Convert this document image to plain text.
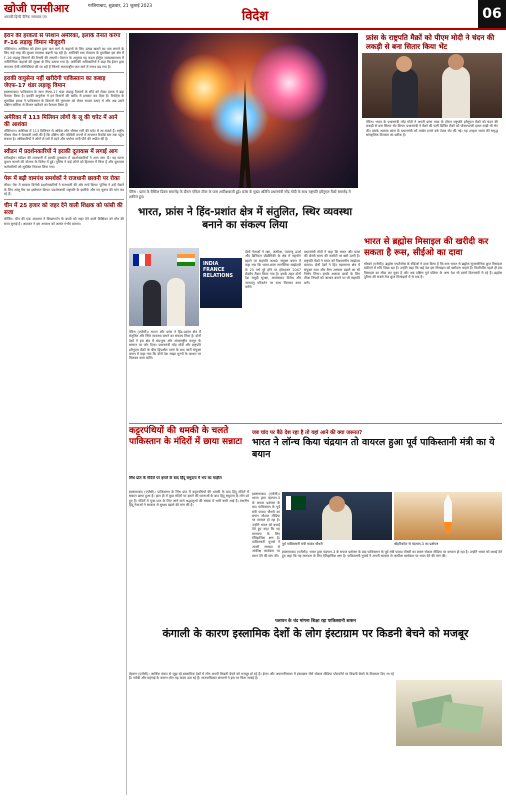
खोजी एनसीआर
आपकी हिन्दी दैनिक समाचार पत्र
गाजियाबाद, शुक्रवार, 21 जुलाई 2023
विदेश	06
ईरान की हरकतों से परेशान अमेरिका, इलाके तैनात करेगा F-16 लड़ाकू विमान मौजूदगी

वॉशिंगटन। अमेरिका को ईरान द्वारा जल मार्ग से जहाजों के लिए उत्पन्न खतरों का पता लगाने के लिए कई तरह की सुरक्षा व्यवस्था बढ़ानी पड़ रही है। अमेरिकी रक्षा मंत्रालय के मुताबिक इस क्षेत्र में F-16 लड़ाकू विमानों की तैनाती की जाएगी। पेंटागन के अनुसार यह कदम होर्मुज जलडमरूमध्य में वाणिज्यिक जहाजों की सुरक्षा के लिए उठाया गया है। अमेरिकी अधिकारियों ने कहा कि ईरान द्वारा लगातार ऐसी गतिविधियां की जा रही हैं जिनसे अंतरराष्ट्रीय जल मार्ग में तनाव बढ़ गया है।

इराकी वायुसेना नहीं खरीदेगी पाकिस्तान का कबाड़ जेएफ-17 थंडर लड़ाकू विमान

इस्लामाबाद। पाकिस्तान के साथ जेएफ-17 थंडर लड़ाकू विमानों के सौदे को लेकर इराक ने बड़ा फैसला किया है। इराकी वायुसेना ने इन विमानों की खरीद से इनकार कर दिया है। रिपोर्ट्स के मुताबिक इराक ने पाकिस्तान के विमानों की गुणवत्ता को लेकर सवाल उठाए थे और अब उसने दक्षिण कोरिया से विमान खरीदने का फैसला किया है।

अमेरिका में 113 मिलियन लोगों के लू की चपेट में आने की आशंका

वॉशिंगटन। अमेरिका में 113 मिलियन से अधिक लोग भीषण गर्मी की चपेट में आ सकते हैं। राष्ट्रीय मौसम सेवा ने चेतावनी जारी की है कि दक्षिण और पश्चिमी राज्यों में तापमान रिकॉर्ड स्तर तक पहुंच सकता है। अधिकारियों ने लोगों से घरों में रहने और पर्याप्त पानी पीने की अपील की है।

स्वीडन में प्रदर्शनकारियों ने इराकी दूतावास में लगाई आग

स्टॉकहोम। स्वीडन की राजधानी में इराकी दूतावास में प्रदर्शनकारियों ने आग लगा दी। यह घटना कुरान जलाने की योजना के विरोध में हुई। पुलिस ने कई लोगों को हिरासत में लिया है और दूतावास कर्मचारियों को सुरक्षित निकाल लिया गया।

पेरू में बढ़ी वामपंथ समर्थकों ने राजधानी छावनी पर रोका

लीमा। पेरू में सरकार विरोधी प्रदर्शनकारियों ने राजधानी की ओर मार्च किया। पुलिस ने उन्हें रोकने के लिए आंसू गैस का इस्तेमाल किया। प्रदर्शनकारी राष्ट्रपति के इस्तीफे और नए चुनाव की मांग कर रहे हैं।

चीन में 25 हजार को जहर देने वाली शिक्षक को फांसी की सजा

बीजिंग। चीन की एक अदालत ने किंडरगार्टन के बच्चों को जहर देने वाली शिक्षिका को मौत की सजा सुनाई है। अदालत ने इस अपराध को अत्यंत गंभीर बताया।

पेरिस : फ्रांस के बैस्टिल डिवस समारोह के दौरान एफिल टॉवर के पास आतिशबाजी हुई। फ्रांस के मुख्य अतिथि प्रधानमंत्री नरेंद्र मोदी के साथ राष्ट्रपति इमैनुएल मैक्रों समारोह में शामिल हुए।
फ्रांस के राष्ट्रपति मैक्रों को पीएम मोदी ने चंदन की लकड़ी से बना सितार किया भेंट
पेरिस। भारत के प्रधानमंत्री नरेंद्र मोदी ने अपनी फ्रांस यात्रा के दौरान राष्ट्रपति इमैनुएल मैक्रों को चंदन की लकड़ी से बना सितार भेंट किया। प्रधानमंत्री ने मैक्रों की पत्नी ब्रिजिट मैक्रों को पोचमपल्ली इकत साड़ी भी भेंट की। इसके अलावा फ्रांस के प्रधानमंत्री को मार्बल इनले वर्क टेबल भेंट की गई। यह उपहार भारत की समृद्ध सांस्कृतिक विरासत का प्रतीक है।
भारत, फ्रांस ने हिंद-प्रशांत क्षेत्र में संतुलित, स्थिर व्यवस्था बनाने का संकल्प लिया
भारत से ब्रह्मोस मिसाइल की खरीदी कर सकता है रूस, सीईओ का दावा
मॉस्को (एजेंसी)। ब्रह्मोस एयरोस्पेस के सीईओ ने दावा किया है कि रूस भारत से ब्रह्मोस सुपरसोनिक क्रूज मिसाइल खरीदने में रुचि दिखा रहा है। उन्होंने कहा कि कई देश इस मिसाइल को खरीदना चाहते हैं। फिलीपींस पहले ही इस मिसाइल का सौदा कर चुका है और अब दक्षिण पूर्व एशिया के अन्य देश भी इसमें दिलचस्पी ले रहे हैं। ब्रह्मोस दुनिया की सबसे तेज क्रूज मिसाइलों में से एक है।
INDIA FRANCE RELATIONS
पेरिस (एजेंसी)। भारत और फ्रांस ने हिंद-प्रशांत क्षेत्र में संतुलित और स्थिर व्यवस्था बनाने का संकल्प लिया है। दोनों देशों ने इस क्षेत्र में संप्रभुता और अंतरराष्ट्रीय कानून के सम्मान पर जोर दिया। प्रधानमंत्री नरेंद्र मोदी और राष्ट्रपति इमैनुएल मैक्रों के बीच द्विपक्षीय वार्ता के बाद जारी संयुक्त बयान में कहा गया कि दोनों देश साझा मूल्यों के आधार पर मिलकर काम करेंगे।
दोनों नेताओं ने रक्षा, अंतरिक्ष, परमाणु ऊर्जा और डिजिटल प्रौद्योगिकी के क्षेत्र में सहयोग बढ़ाने पर सहमति जताई। संयुक्त बयान में कहा गया कि भारत-फ्रांस रणनीतिक साझेदारी के 25 वर्ष पूरे होने पर होराइजन 2047 रोडमैप तैयार किया गया है। इसके तहत दोनों देश समुद्री सुरक्षा, आतंकवाद विरोध और जलवायु परिवर्तन पर साथ मिलकर काम करेंगे।
प्रधानमंत्री मोदी ने कहा कि भारत और फ्रांस की दोस्ती समय की कसौटी पर खरी उतरी है। राष्ट्रपति मैक्रों ने भारत को विश्वसनीय साझेदार बताया। दोनों देशों ने हिंद महासागर क्षेत्र में संयुक्त गश्त और सैन्य अभ्यास बढ़ाने का भी निर्णय लिया। इसके अलावा छात्रों के लिए वीजा नियमों को आसान बनाने पर भी सहमति बनी।
कट्टरपंथियों की धमकी के चलते पाकिस्तान के मंदिरों में छाया सन्नाटा
सिंध प्रांत के मंदिरों पर हमले के बाद हिंदू समुदाय में भय का माहौल
इस्लामाबाद (एजेंसी)। पाकिस्तान के सिंध प्रांत में कट्टरपंथियों की धमकी के बाद हिंदू मंदिरों में सन्नाटा छाया हुआ है। हाल ही में कुछ मंदिरों पर हमले की घटनाओं के बाद हिंदू समुदाय के लोग डरे हुए हैं। मंदिरों में पूजा-पाठ के लिए आने वाले श्रद्धालुओं की संख्या में भारी कमी आई है। स्थानीय हिंदू नेताओं ने सरकार से सुरक्षा बढ़ाने की मांग की है।
जब चांद पर बैठे देश रहा है तो यहां आने की क्या जरूरत?
भारत ने लॉन्च किया चंद्रयान तो वायरल हुआ पूर्व पाकिस्तानी मंत्री का ये बयान
इस्लामाबाद (एजेंसी)। भारत द्वारा चंद्रयान-3 के सफल प्रक्षेपण के बाद पाकिस्तान के पूर्व मंत्री फवाद चौधरी का बयान सोशल मीडिया पर वायरल हो रहा है। उन्होंने भारत को बधाई देते हुए कहा कि यह मानवता के लिए ऐतिहासिक क्षण है। पाकिस्तानी यूजर्स ने अपनी सरकार से अंतरिक्ष कार्यक्रम पर ध्यान देने की मांग की।
पूर्व पाकिस्तानी मंत्री फवाद चौधरी	श्रीहरिकोटा से चंद्रयान-3 का प्रक्षेपण
इस्लामाबाद (एजेंसी)। भारत द्वारा चंद्रयान-3 के सफल प्रक्षेपण के बाद पाकिस्तान के पूर्व मंत्री फवाद चौधरी का बयान सोशल मीडिया पर वायरल हो रहा है। उन्होंने भारत को बधाई देते हुए कहा कि यह मानवता के लिए ऐतिहासिक क्षण है। पाकिस्तानी यूजर्स ने अपनी सरकार से अंतरिक्ष कार्यक्रम पर ध्यान देने की मांग की।
पलायन के चंद मांगना शिक्षा रहा पाकिस्तानी शासन
कंगाली के कारण इस्लामिक देशों के लोग इंस्टाग्राम पर किडनी बेचने को मजबूर
तेहरान (एजेंसी)। आर्थिक संकट से जूझ रहे इस्लामिक देशों में लोग अपनी किडनी बेचने को मजबूर हो रहे हैं। ईरान और अफगानिस्तान में इंस्टाग्राम जैसे सोशल मीडिया प्लेटफॉर्म पर किडनी बेचने के विज्ञापन दिए जा रहे हैं। गरीबी और महंगाई के कारण लोग यह कदम उठा रहे हैं। मानवाधिकार संगठनों ने इस पर चिंता जताई है।
